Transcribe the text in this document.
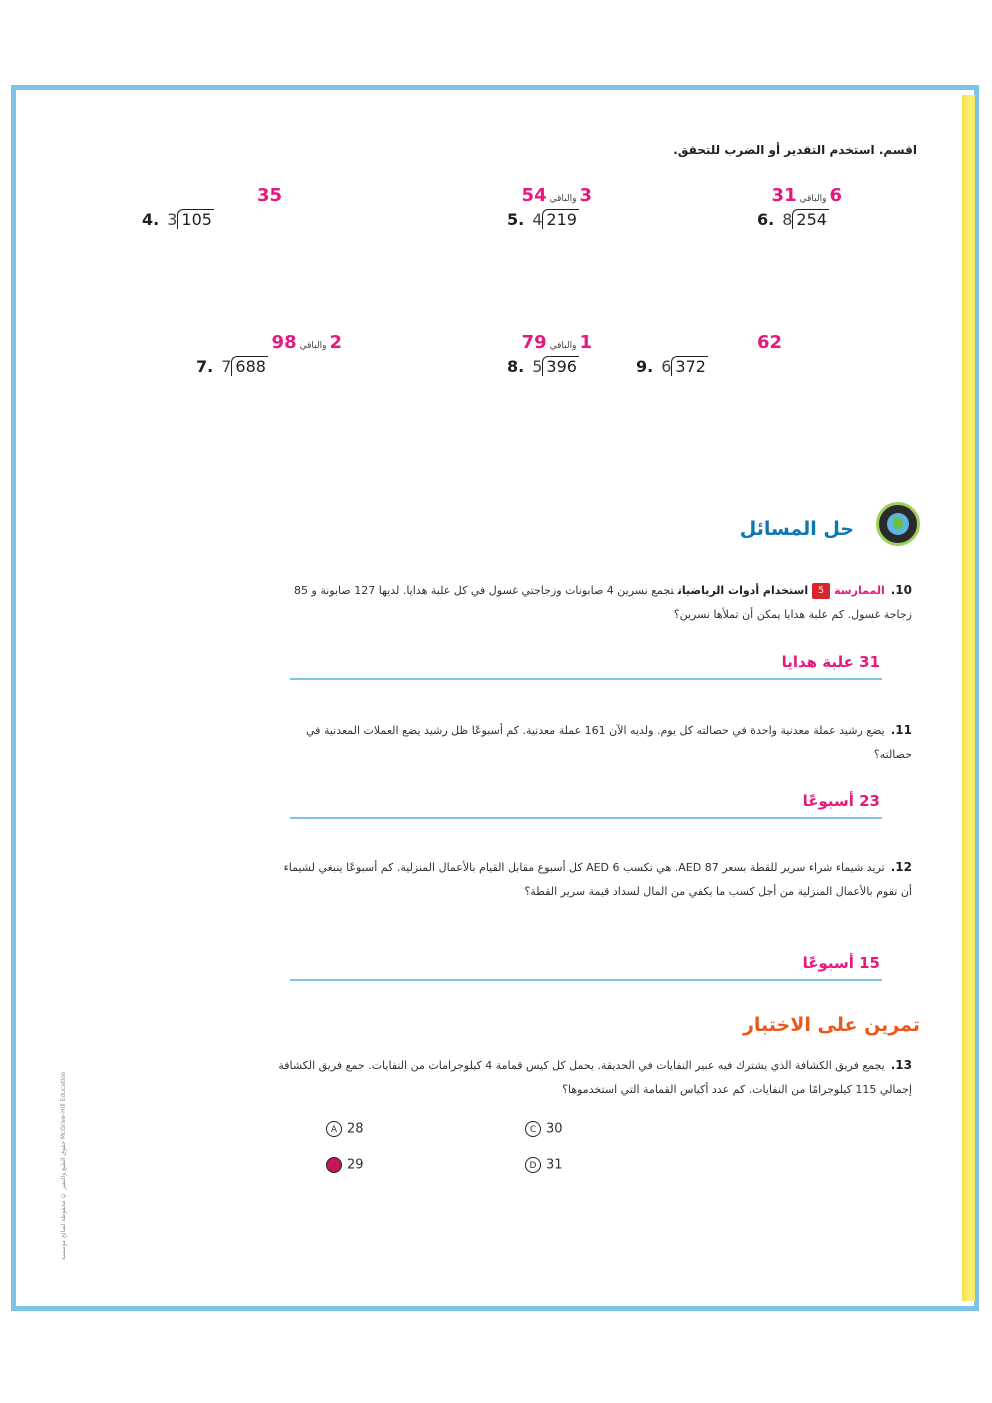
اقسم. استخدم التقدير أو الضرب للتحقق.
35
4. 3 105
3والباقي54
5. 4 219
6والباقي31
6. 8 254
2والباقي98
7. 7 688
1والباقي79
8. 5 396
62
9. 6 372
حل المسائل
10.الممارسة5استخدام أدوات الرياضياتتجمع نسرين 4 صابونات وزجاجتي غسول في كل علبة هدايا. لديها 127 صابونة و 85 زجاجة غسول. كم علبة هدايا يمكن أن تملأها نسرين؟
31 علبة هدايا
11.يضع رشيد عملة معدنية واحدة في حصالته كل يوم. ولديه الآن 161 عملة معدنية. كم أسبوعًا ظل رشيد يضع العملات المعدنية في حصالته؟
23 أسبوعًا
12.تريد شيماء شراء سرير للقطة بسعر 87 AED. هي تكسب 6 AED كل أسبوع مقابل القيام بالأعمال المنزلية. كم أسبوعًا ينبغي لشيماء أن تقوم بالأعمال المنزلية من أجل كسب ما يكفي من المال لسداد قيمة سرير القطة؟
15 أسبوعًا
تمرين على الاختبار
13.يجمع فريق الكشافة الذي يشترك فيه عبير النفايات في الحديقة. يحمل كل كيس قمامة 4 كيلوجرامات من النفايات. جمع فريق الكشافة إجمالي 115 كيلوجرامًا من النفايات. كم عدد أكياس القمامة التي استخدموها؟
A 28
B 29
C 30
D 31
حقوق الطبع والنشر © محفوظة لصالح مؤسسة McGraw-Hill Education
